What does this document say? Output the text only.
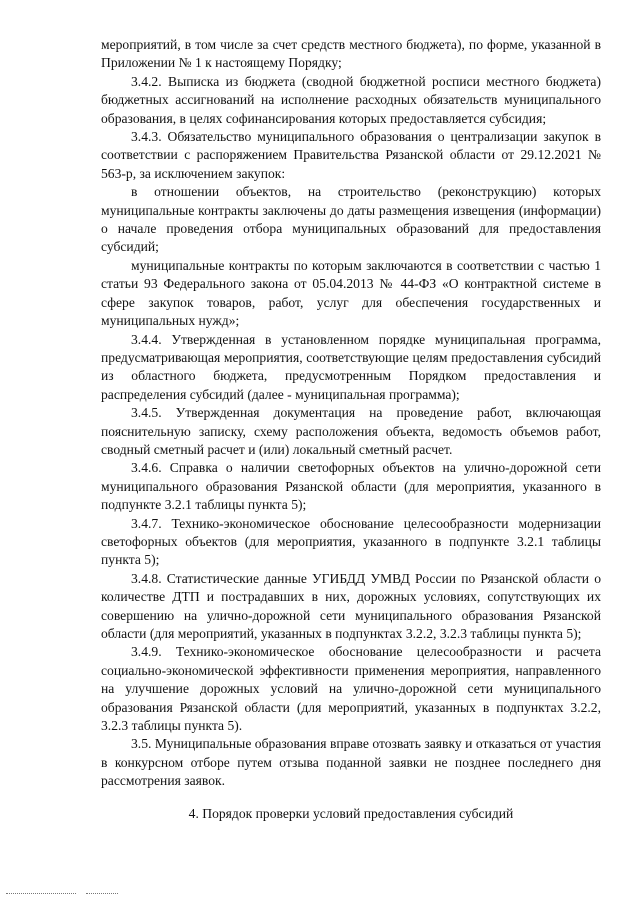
мероприятий, в том числе за счет средств местного бюджета), по форме, указанной в Приложении № 1 к настоящему Порядку;

3.4.2. Выписка из бюджета (сводной бюджетной росписи местного бюджета) бюджетных ассигнований на исполнение расходных обязательств муниципального образования, в целях софинансирования которых предоставляется субсидия;

3.4.3. Обязательство муниципального образования о централизации закупок в соответствии с распоряжением Правительства Рязанской области от 29.12.2021 № 563-р, за исключением закупок:

в отношении объектов, на строительство (реконструкцию) которых муниципальные контракты заключены до даты размещения извещения (информации) о начале проведения отбора муниципальных образований для предоставления субсидий;

муниципальные контракты по которым заключаются в соответствии с частью 1 статьи 93 Федерального закона от 05.04.2013 № 44-ФЗ «О контрактной системе в сфере закупок товаров, работ, услуг для обеспечения государственных и муниципальных нужд»;

3.4.4. Утвержденная в установленном порядке муниципальная программа, предусматривающая мероприятия, соответствующие целям предоставления субсидий из областного бюджета, предусмотренным Порядком предоставления и распределения субсидий (далее - муниципальная программа);

3.4.5. Утвержденная документация на проведение работ, включающая пояснительную записку, схему расположения объекта, ведомость объемов работ, сводный сметный расчет и (или) локальный сметный расчет.

3.4.6. Справка о наличии светофорных объектов на улично-дорожной сети муниципального образования Рязанской области (для мероприятия, указанного в подпункте 3.2.1 таблицы пункта 5);

3.4.7. Технико-экономическое обоснование целесообразности модернизации светофорных объектов (для мероприятия, указанного в подпункте 3.2.1 таблицы пункта 5);

3.4.8. Статистические данные УГИБДД УМВД России по Рязанской области о количестве ДТП и пострадавших в них, дорожных условиях, сопутствующих их совершению на улично-дорожной сети муниципального образования Рязанской области (для мероприятий, указанных в подпунктах 3.2.2, 3.2.3 таблицы пункта 5);

3.4.9. Технико-экономическое обоснование целесообразности и расчета социально-экономической эффективности применения мероприятия, направленного на улучшение дорожных условий на улично-дорожной сети муниципального образования Рязанской области (для мероприятий, указанных в подпунктах 3.2.2, 3.2.3 таблицы пункта 5).

3.5. Муниципальные образования вправе отозвать заявку и отказаться от участия в конкурсном отборе путем отзыва поданной заявки не позднее последнего дня рассмотрения заявок.

4. Порядок проверки условий предоставления субсидий
